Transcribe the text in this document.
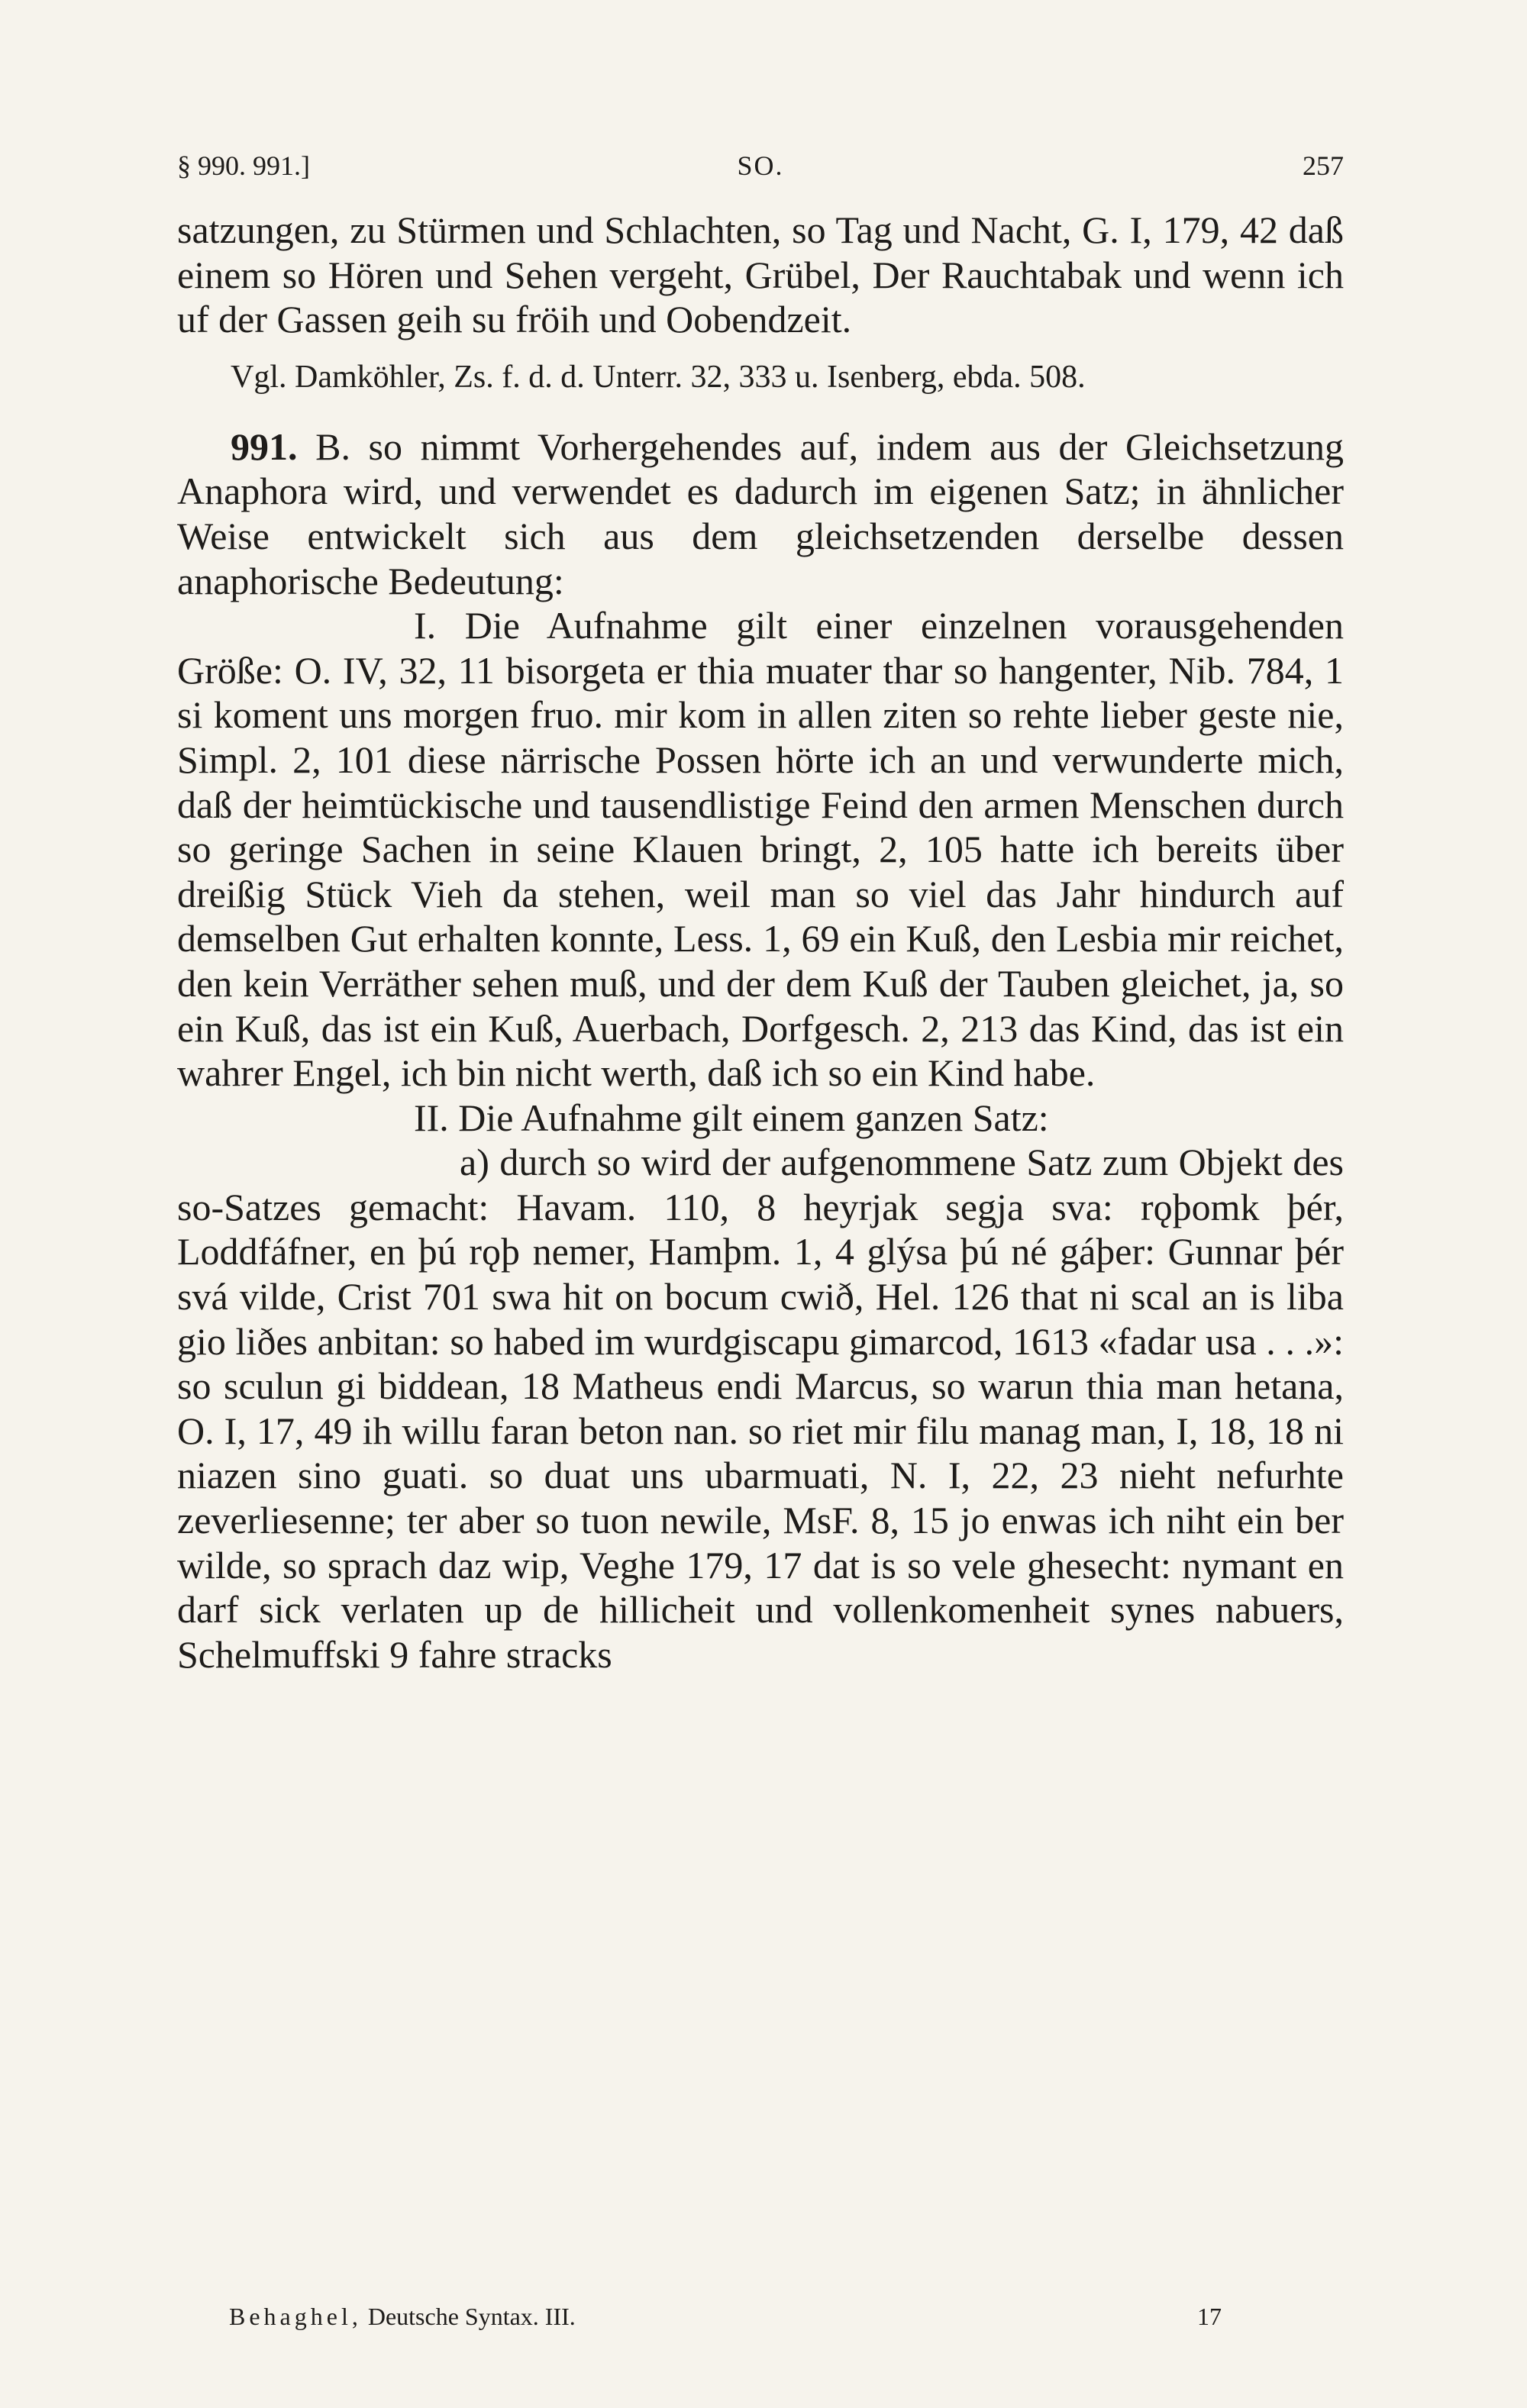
§ 990. 991.]	SO.	257

satzungen, zu Stürmen und Schlachten, so Tag und Nacht, G. I, 179, 42 daß einem so Hören und Sehen vergeht, Grübel, Der Rauchtabak und wenn ich uf der Gassen geih su fröih und Oobendzeit.

Vgl. Damköhler, Zs. f. d. d. Unterr. 32, 333 u. Isenberg, ebda. 508.

991. B. so nimmt Vorhergehendes auf, indem aus der Gleichsetzung Anaphora wird, und verwendet es dadurch im eigenen Satz; in ähnlicher Weise entwickelt sich aus dem gleichsetzenden derselbe dessen anaphorische Bedeutung:

I. Die Aufnahme gilt einer einzelnen vorausgehenden Größe: O. IV, 32, 11 bisorgeta er thia muater thar so hangenter, Nib. 784, 1 si koment uns morgen fruo. mir kom in allen ziten so rehte lieber geste nie, Simpl. 2, 101 diese närrische Possen hörte ich an und verwunderte mich, daß der heimtückische und tausendlistige Feind den armen Menschen durch so geringe Sachen in seine Klauen bringt, 2, 105 hatte ich bereits über dreißig Stück Vieh da stehen, weil man so viel das Jahr hindurch auf demselben Gut erhalten konnte, Less. 1, 69 ein Kuß, den Lesbia mir reichet, den kein Verräther sehen muß, und der dem Kuß der Tauben gleichet, ja, so ein Kuß, das ist ein Kuß, Auerbach, Dorfgesch. 2, 213 das Kind, das ist ein wahrer Engel, ich bin nicht werth, daß ich so ein Kind habe.

II. Die Aufnahme gilt einem ganzen Satz:

a) durch so wird der aufgenommene Satz zum Objekt des so-Satzes gemacht: Havam. 110, 8 heyrjak segja sva: rǫþomk þér, Loddfáfner, en þú rǫþ nemer, Hamþm. 1, 4 glýsa þú né gáþer: Gunnar þér svá vilde, Crist 701 swa hit on bocum cwið, Hel. 126 that ni scal an is liba gio liðes anbitan: so habed im wurdgiscapu gimarcod, 1613 «fadar usa . . .»: so sculun gi biddean, 18 Matheus endi Marcus, so warun thia man hetana, O. I, 17, 49 ih willu faran beton nan. so riet mir filu manag man, I, 18, 18 ni niazen sino guati. so duat uns ubarmuati, N. I, 22, 23 nieht nefurhte zeverliesenne; ter aber so tuon newile, MsF. 8, 15 jo enwas ich niht ein ber wilde, so sprach daz wip, Veghe 179, 17 dat is so vele ghesecht: nymant en darf sick verlaten up de hillicheit und vollenkomenheit synes nabuers, Schelmuffski 9 fahre stracks

Behaghel, Deutsche Syntax. III.	17
